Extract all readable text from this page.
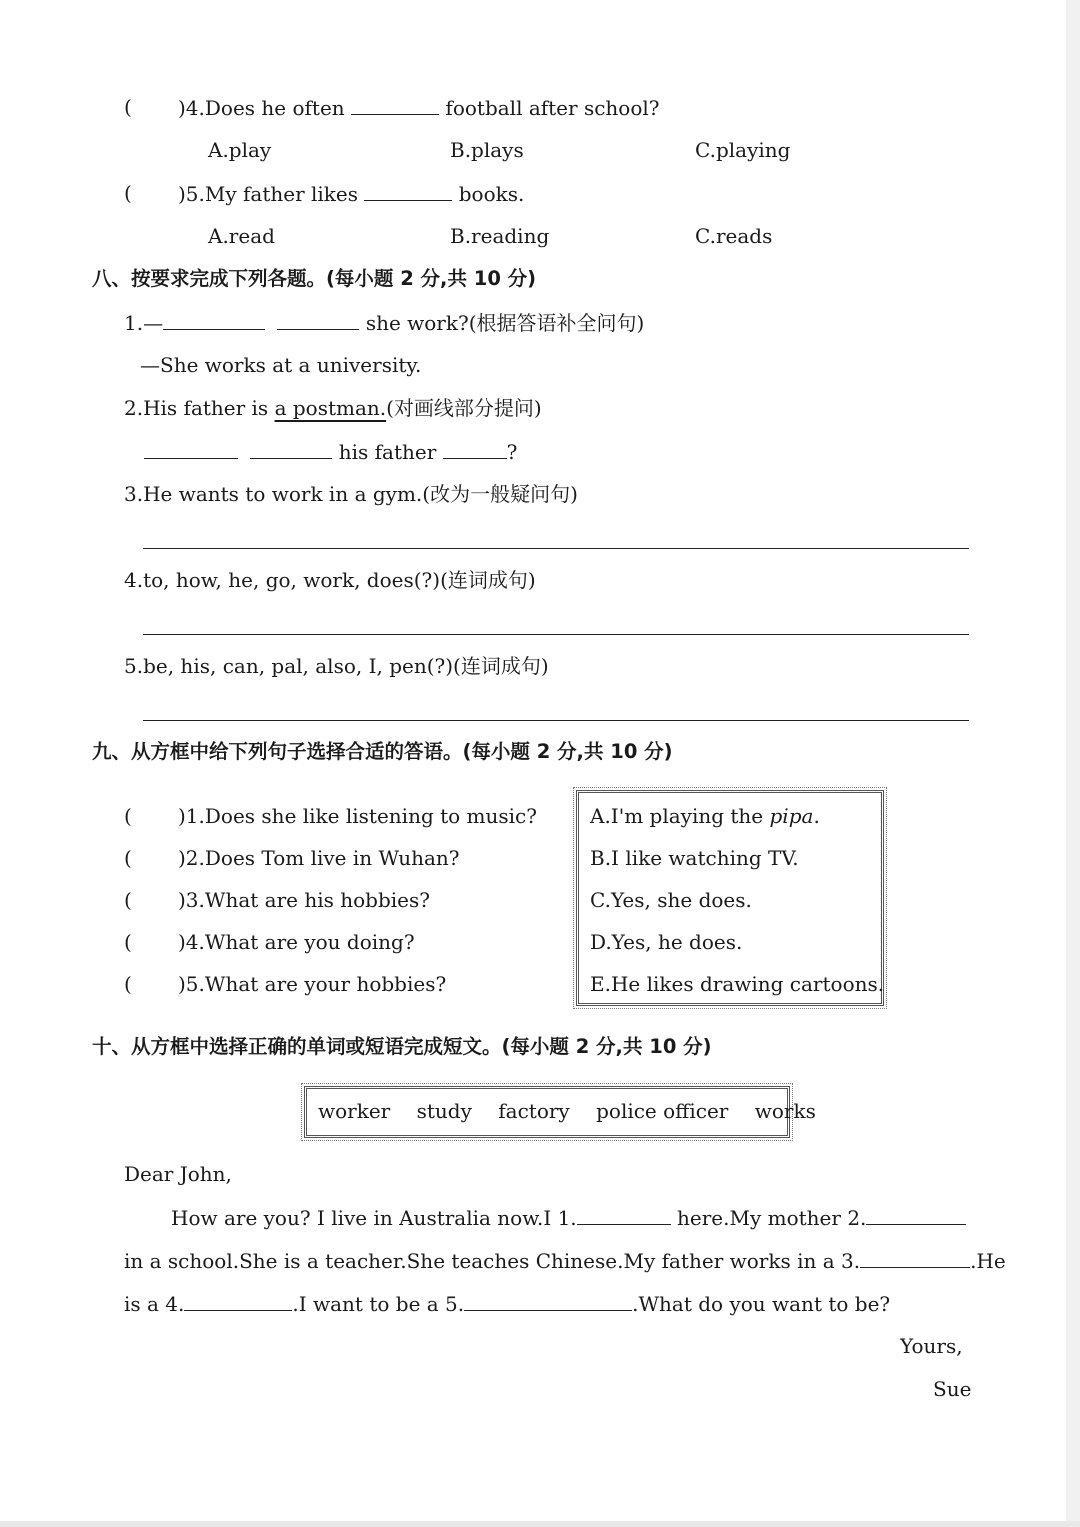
( )4.Does he often	football after school?
A.play	B.plays	C.playing
( )5.My father likes	books.
A.read	B.reading	C.reads
八、按要求完成下列各题。(每小题 2 分,共 10 分)
1.—	she work?(根据答语补全问句)
—She works at a university.
2.His father is a postman.(对画线部分提问)
his father	?
3.He wants to work in a gym.(改为一般疑问句)
4.to, how, he, go, work, does(?)(连词成句)
5.be, his, can, pal, also, I, pen(?)(连词成句)
九、从方框中给下列句子选择合适的答语。(每小题 2 分,共 10 分)
( )1.Does she like listening to music?
( )2.Does Tom live in Wuhan?
( )3.What are his hobbies?
( )4.What are you doing?
( )5.What are your hobbies?
A.I'm playing the pipa.
B.I like watching TV.
C.Yes, she does.
D.Yes, he does.
E.He likes drawing cartoons.
十、从方框中选择正确的单词或短语完成短文。(每小题 2 分,共 10 分)
worker study factory police officer works
Dear John,
How are you? I live in Australia now.I 1.	here.My mother 2.
in a school.She is a teacher.She teaches Chinese.My father works in a 3.	.He
is a 4.	.I want to be a 5.	.What do you want to be?
Yours,
Sue
